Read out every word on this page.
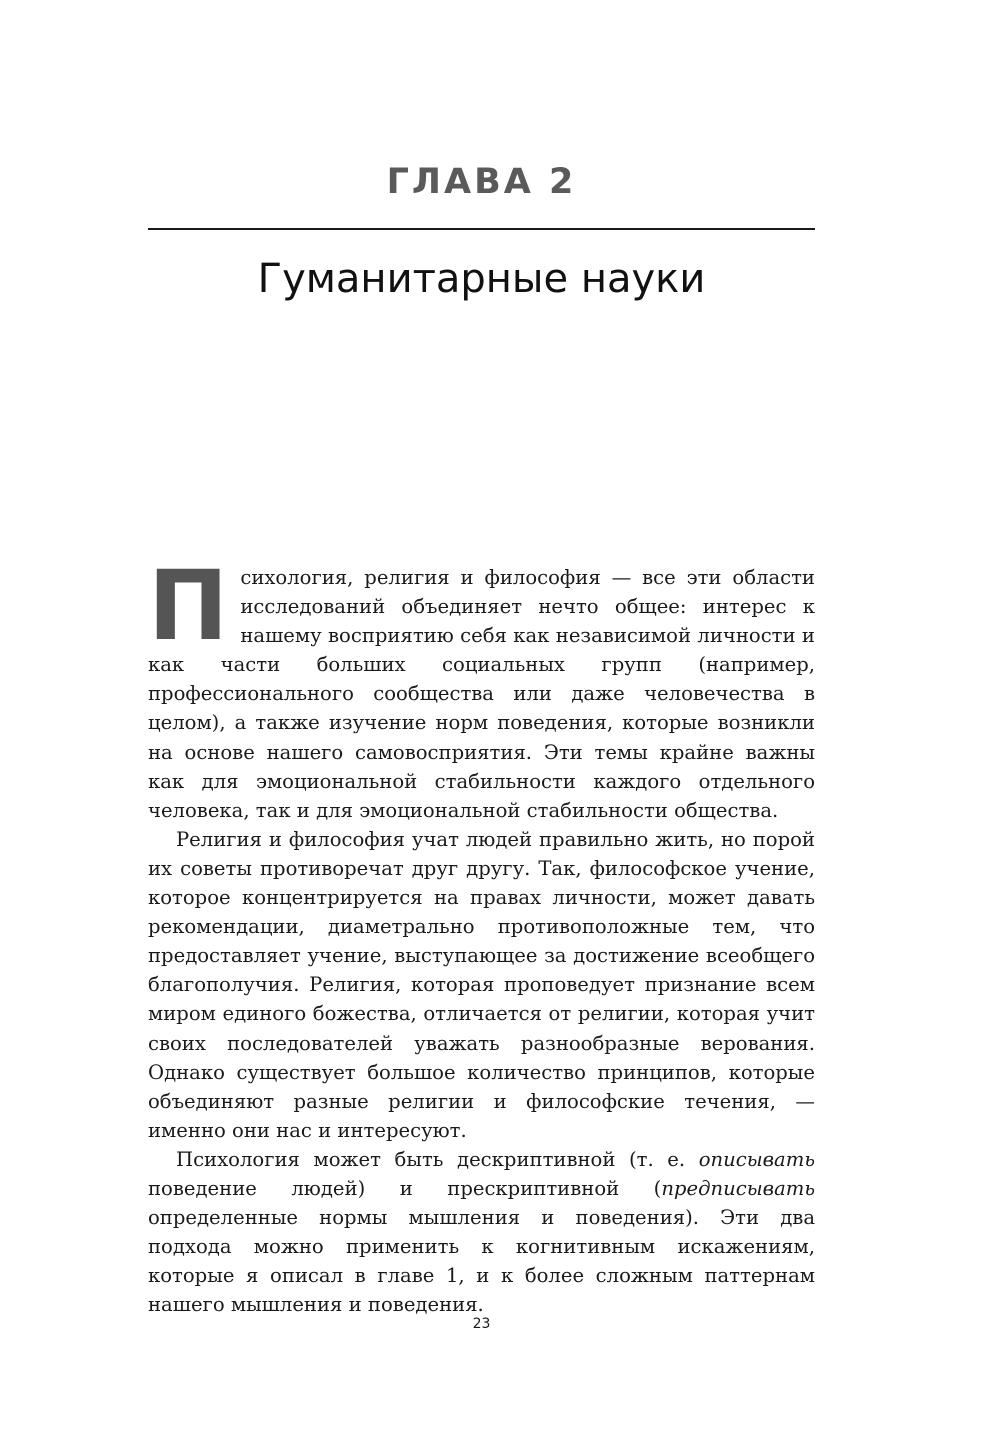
ГЛАВА 2
Гуманитарные науки

Психология, религия и философия — все эти области исследований объединяет нечто общее: интерес к нашему восприятию себя как независимой личности и как части больших социальных групп (например, профессионального сообщества или даже человечества в целом), а также изучение норм поведения, которые возникли на основе нашего самовосприятия. Эти темы крайне важны как для эмоциональной стабильности каждого отдельного человека, так и для эмоциональной стабильности общества.

Религия и философия учат людей правильно жить, но порой их советы противоречат друг другу. Так, философское учение, которое концентрируется на правах личности, может давать рекомендации, диаметрально противоположные тем, что предоставляет учение, выступающее за достижение всеобщего благополучия. Религия, которая проповедует признание всем миром единого божества, отличается от религии, которая учит своих последователей уважать разнообразные верования. Однако существует большое количество принципов, которые объединяют разные религии и философские течения, — именно они нас и интересуют.

Психология может быть дескриптивной (т. е. описывать поведение людей) и прескриптивной (предписывать определенные нормы мышления и поведения). Эти два подхода можно применить к когнитивным искажениям, которые я описал в главе 1, и к более сложным паттернам нашего мышления и поведения.

23
